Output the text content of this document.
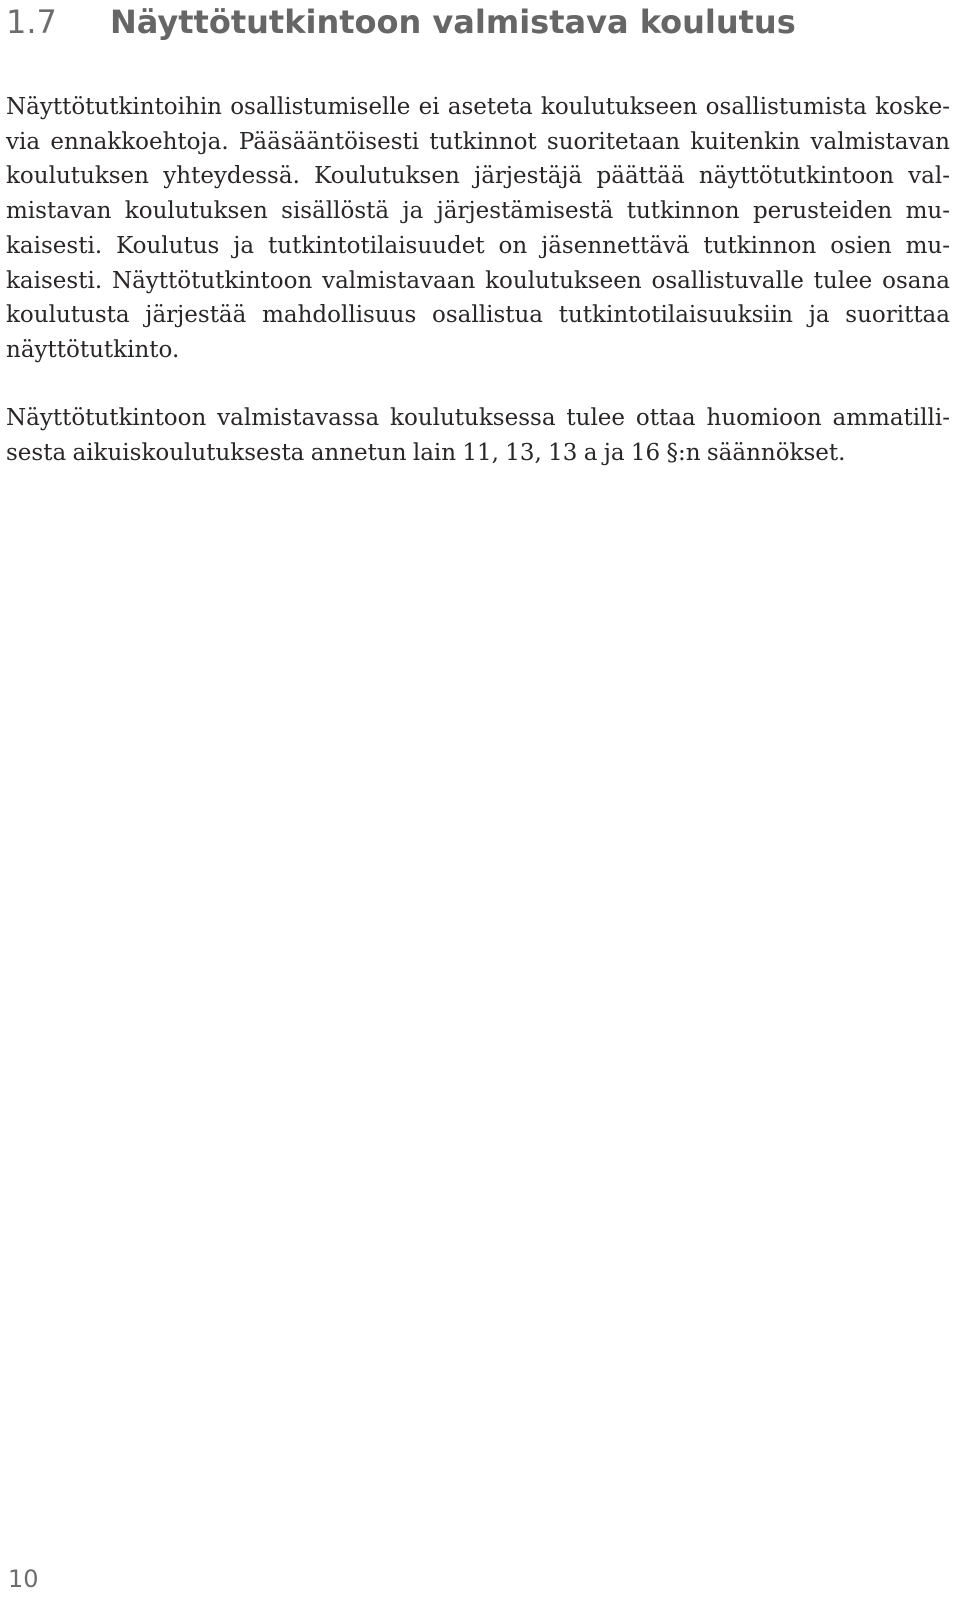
1.7 Näyttötutkintoon valmistava koulutus

Näyttötutkintoihin osallistumiselle ei aseteta koulutukseen osallistumista koske-
via ennakkoehtoja. Pääsääntöisesti tutkinnot suoritetaan kuitenkin valmistavan
koulutuksen yhteydessä. Koulutuksen järjestäjä päättää näyttötutkintoon val-
mistavan koulutuksen sisällöstä ja järjestämisestä tutkinnon perusteiden mu-
kaisesti. Koulutus ja tutkintotilaisuudet on jäsennettävä tutkinnon osien mu-
kaisesti. Näyttötutkintoon valmistavaan koulutukseen osallistuvalle tulee osana
koulutusta järjestää mahdollisuus osallistua tutkintotilaisuuksiin ja suorittaa
näyttötutkinto.

Näyttötutkintoon valmistavassa koulutuksessa tulee ottaa huomioon ammatilli-
sesta aikuiskoulutuksesta annetun lain 11, 13, 13 a ja 16 §:n säännökset.

10
